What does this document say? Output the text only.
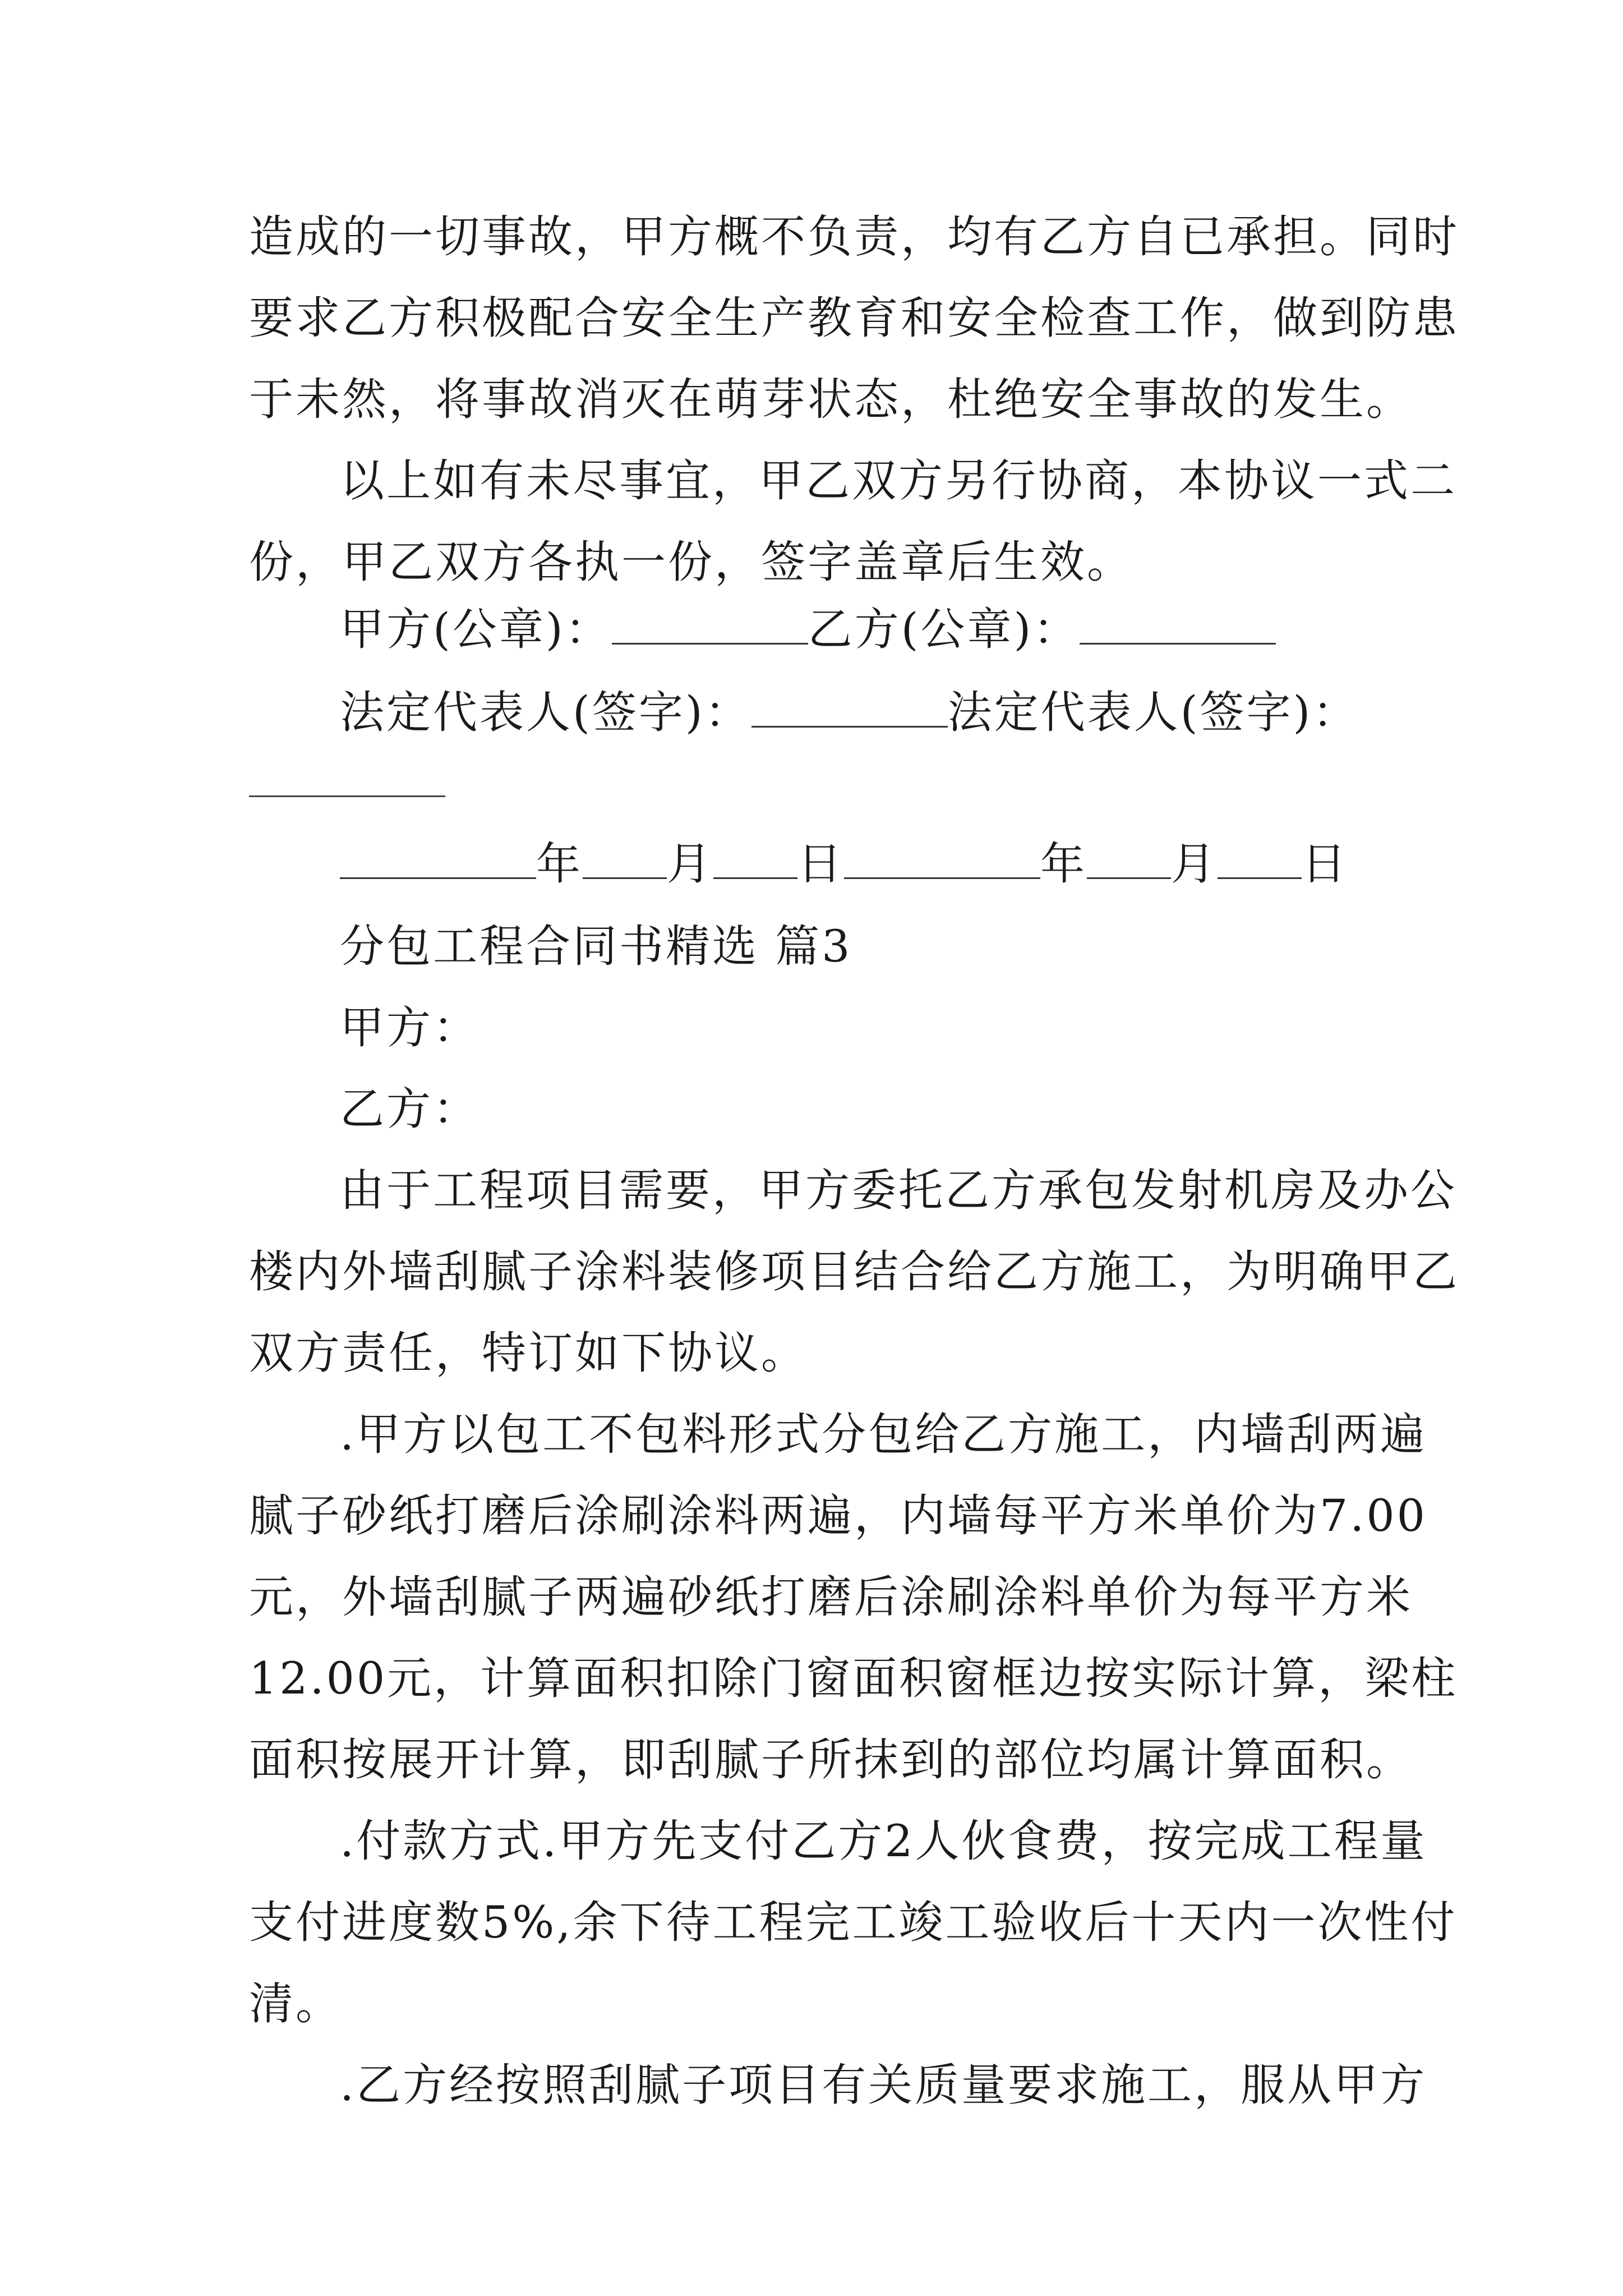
造成的一切事故，甲方概不负责，均有乙方自已承担。同时
要求乙方积极配合安全生产教育和安全检查工作，做到防患
于未然，将事故消灭在萌芽状态，杜绝安全事故的发生。
以上如有未尽事宜，甲乙双方另行协商，本协议一式二
份，甲乙双方各执一份，签字盖章后生效。
甲方(公章)：	乙方(公章)：
法定代表人(签字)：	法定代表人(签字)：
年 月 日	年 月 日
分包工程合同书精选 篇3
甲方：
乙方：
由于工程项目需要，甲方委托乙方承包发射机房及办公
楼内外墙刮腻子涂料装修项目结合给乙方施工，为明确甲乙
双方责任，特订如下协议。
.甲方以包工不包料形式分包给乙方施工，内墙刮两遍
腻子砂纸打磨后涂刷涂料两遍，内墙每平方米单价为7.00
元，外墙刮腻子两遍砂纸打磨后涂刷涂料单价为每平方米
12.00元，计算面积扣除门窗面积窗框边按实际计算，梁柱
面积按展开计算，即刮腻子所抹到的部位均属计算面积。
.付款方式.甲方先支付乙方2人伙食费，按完成工程量
支付进度数5%,余下待工程完工竣工验收后十天内一次性付
清。
.乙方经按照刮腻子项目有关质量要求施工，服从甲方
